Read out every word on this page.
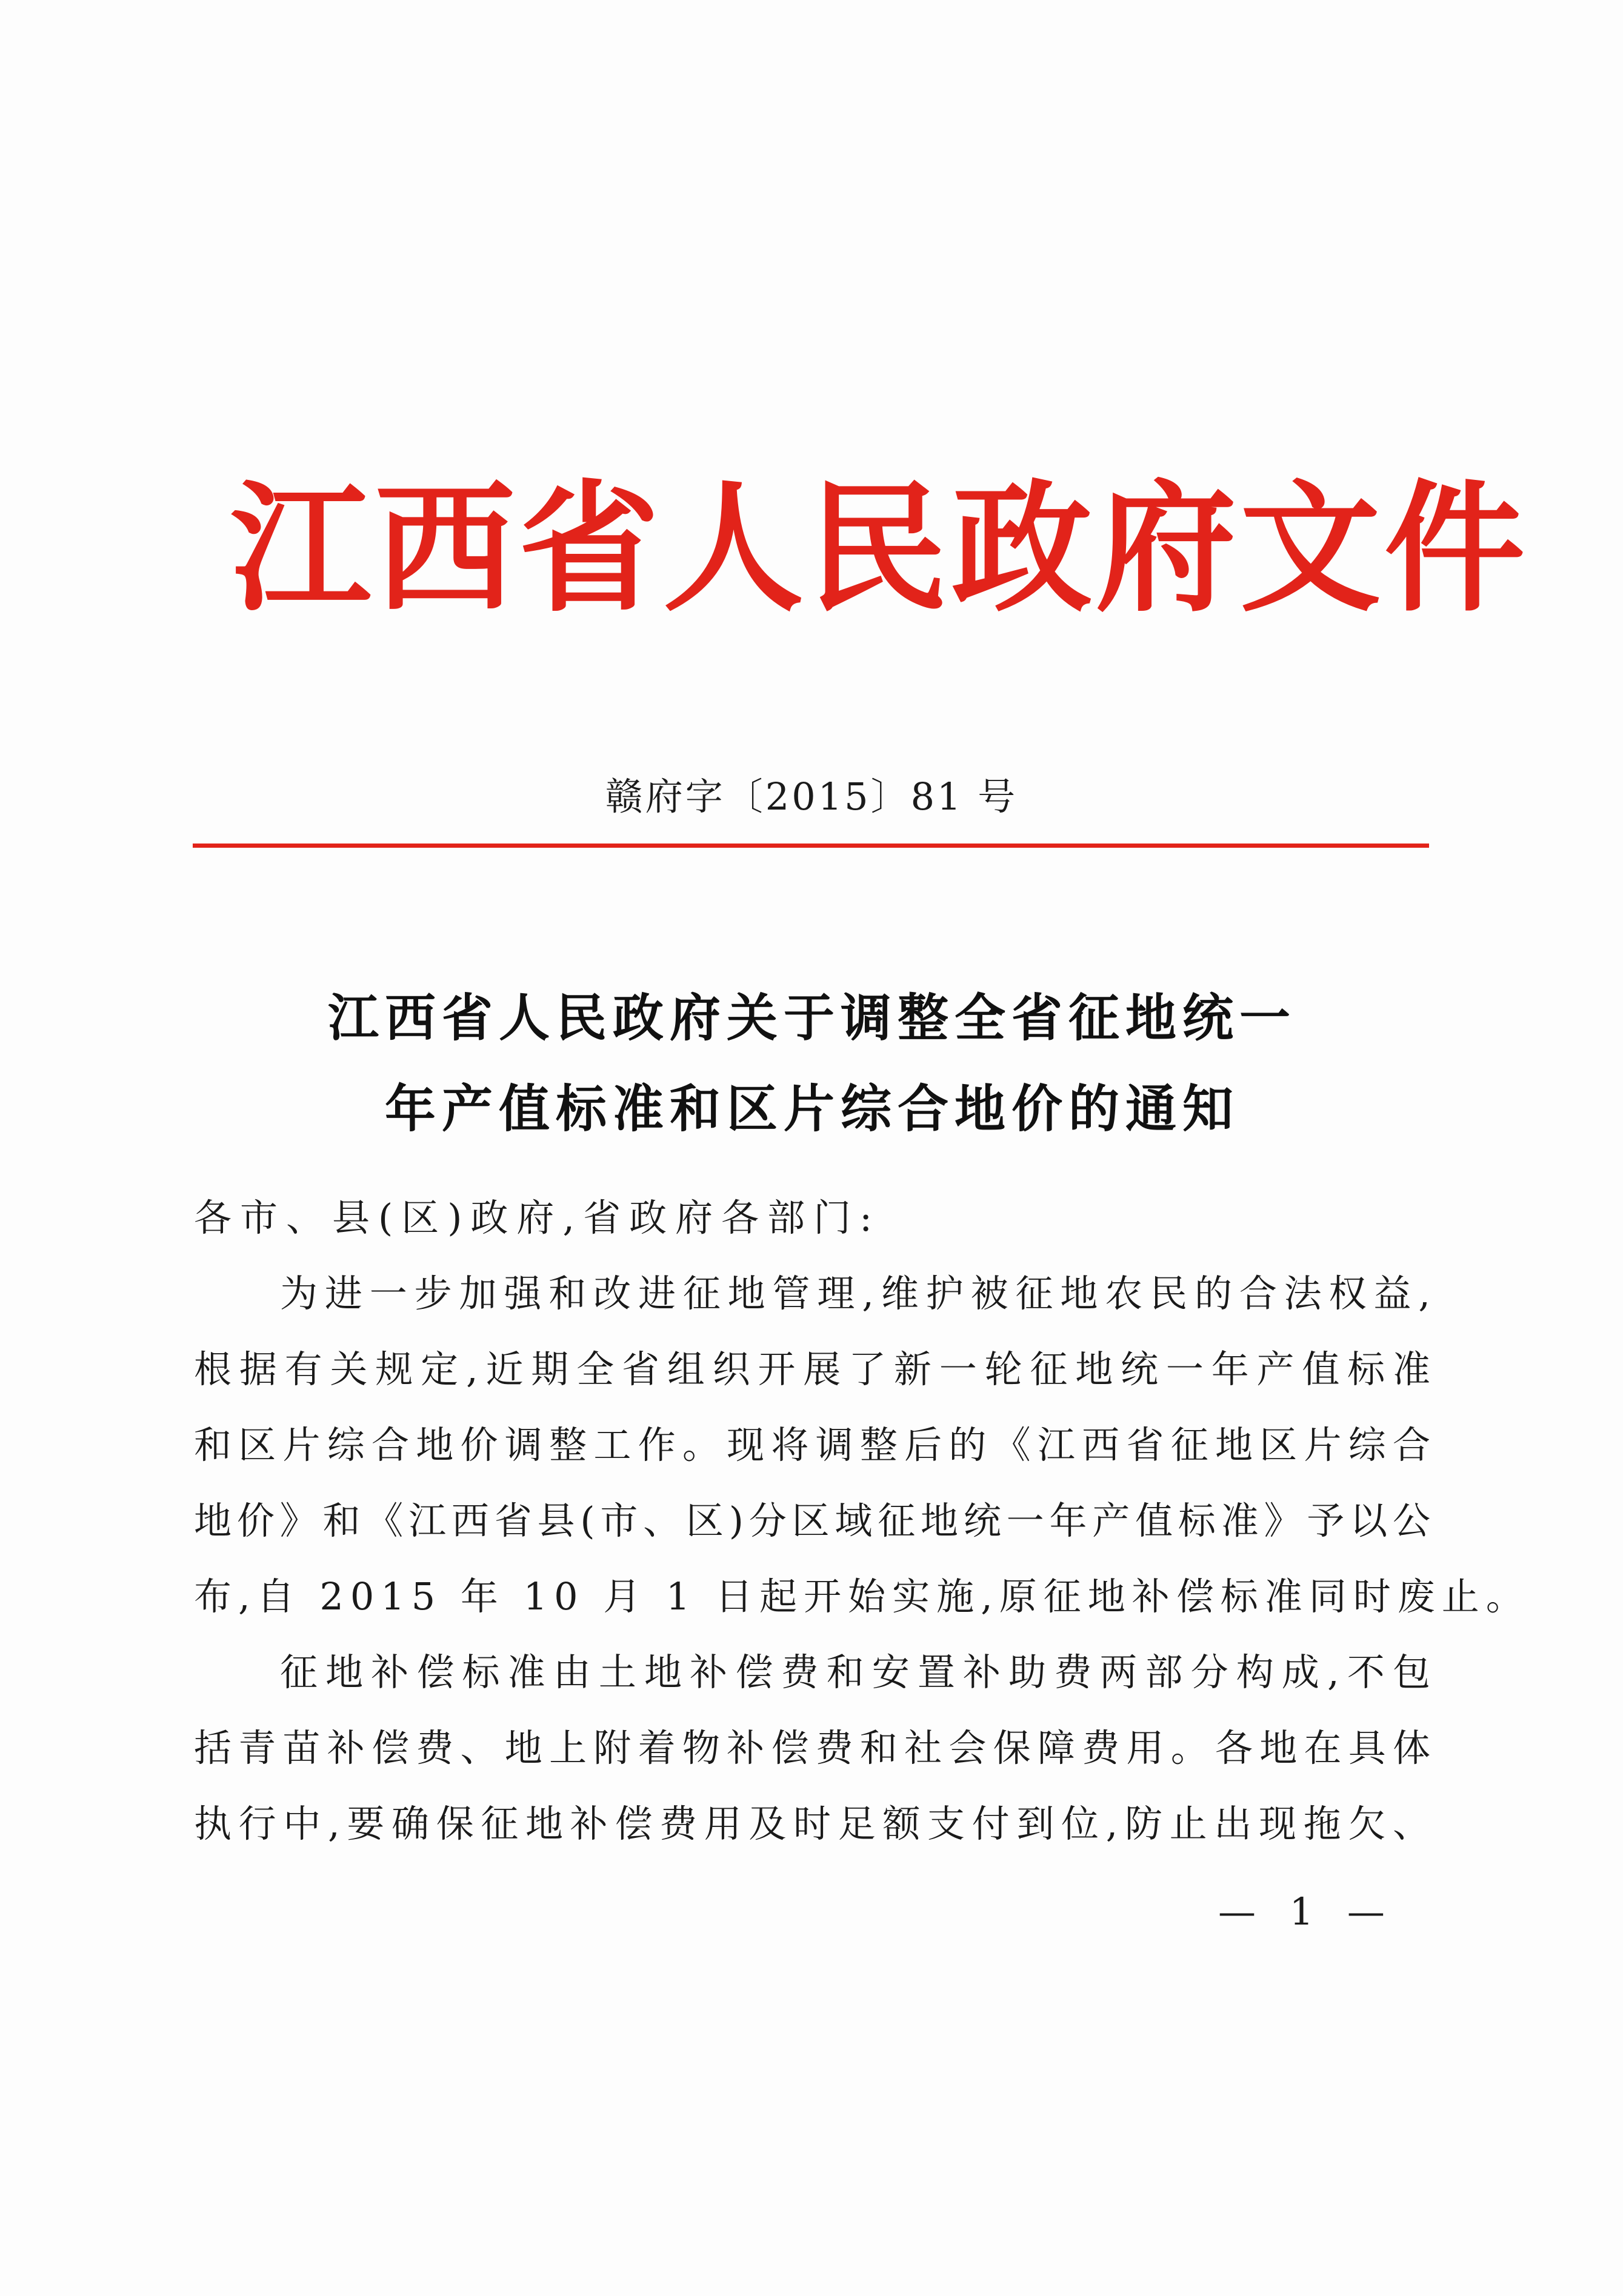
江西省人民政府文件
赣府字〔2015〕81 号
江西省人民政府关于调整全省征地统一
年产值标准和区片综合地价的通知
各市、县(区)政府,省政府各部门:
为进一步加强和改进征地管理,维护被征地农民的合法权益,
根据有关规定,近期全省组织开展了新一轮征地统一年产值标准
和区片综合地价调整工作。现将调整后的《江西省征地区片综合
地价》和《江西省县(市、区)分区域征地统一年产值标准》予以公
布,自 2015 年 10 月 1 日起开始实施,原征地补偿标准同时废止。
征地补偿标准由土地补偿费和安置补助费两部分构成,不包
括青苗补偿费、地上附着物补偿费和社会保障费用。各地在具体
执行中,要确保征地补偿费用及时足额支付到位,防止出现拖欠、
— 1 —
